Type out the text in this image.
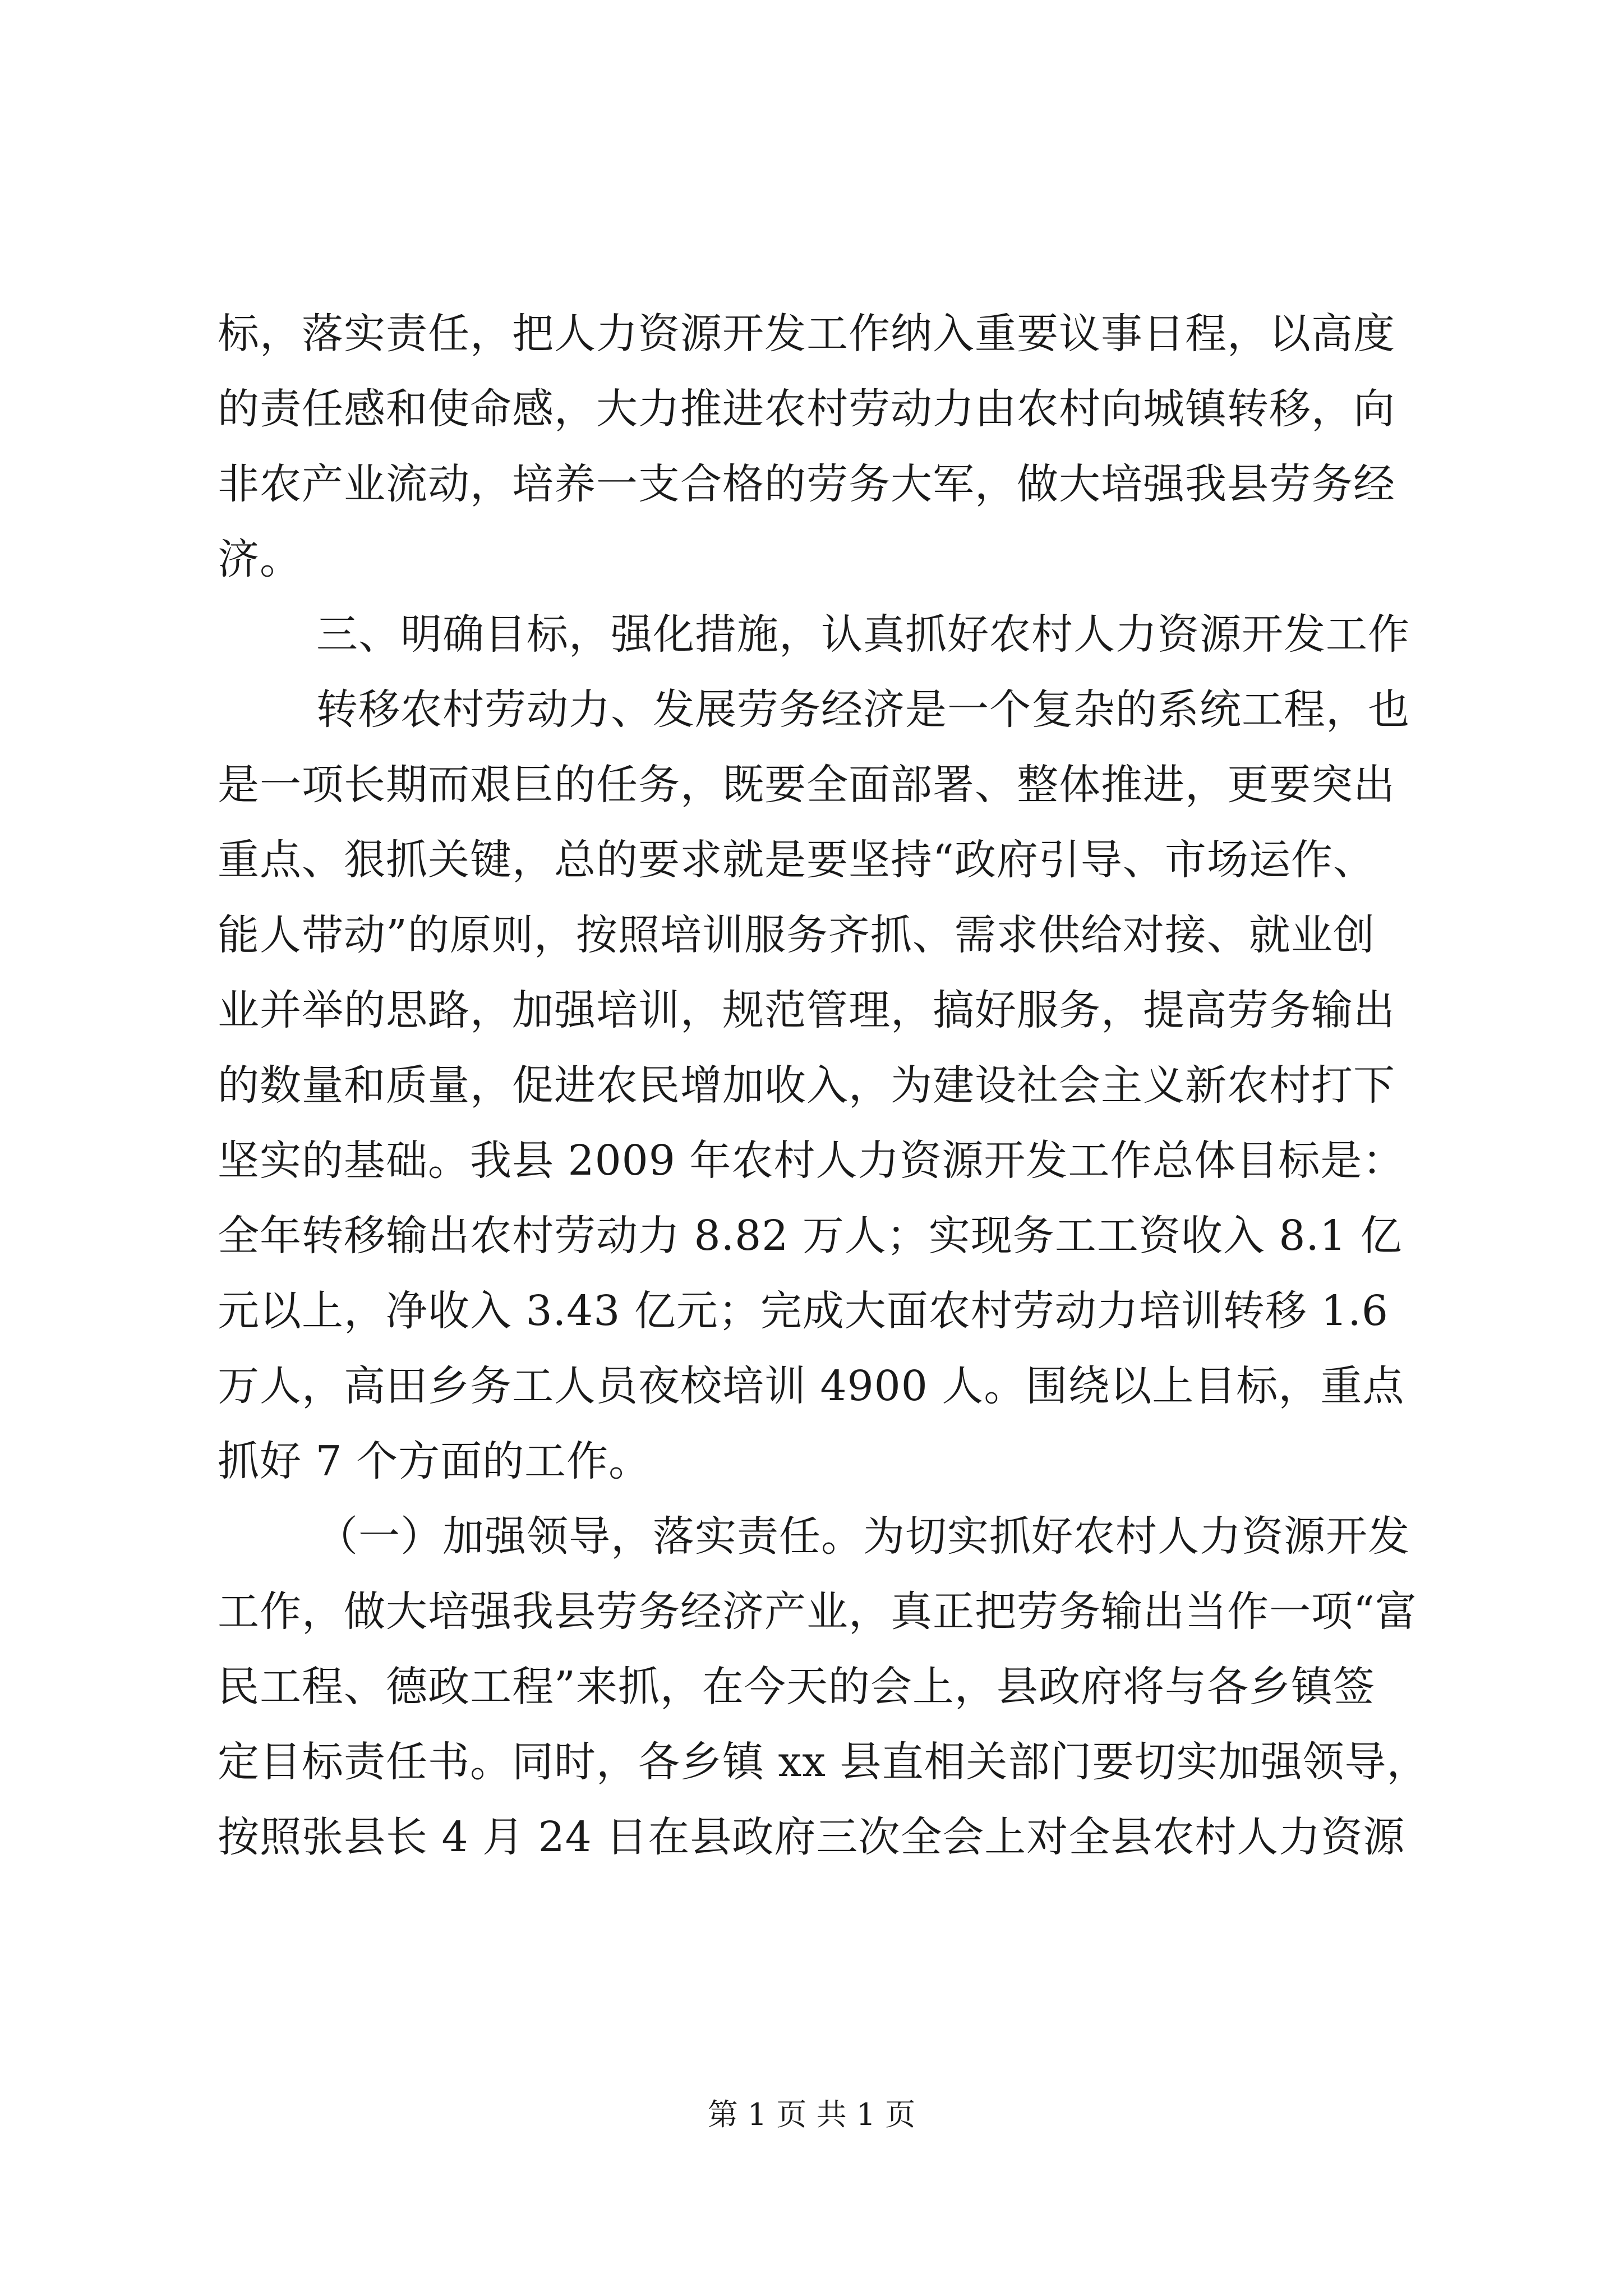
标，落实责任，把人力资源开发工作纳入重要议事日程，以高度
的责任感和使命感，大力推进农村劳动力由农村向城镇转移，向
非农产业流动，培养一支合格的劳务大军，做大培强我县劳务经
济。
三、明确目标，强化措施，认真抓好农村人力资源开发工作
转移农村劳动力、发展劳务经济是一个复杂的系统工程，也
是一项长期而艰巨的任务，既要全面部署、整体推进，更要突出
重点、狠抓关键，总的要求就是要坚持“政府引导、市场运作、
能人带动”的原则，按照培训服务齐抓、需求供给对接、就业创
业并举的思路，加强培训，规范管理，搞好服务，提高劳务输出
的数量和质量，促进农民增加收入，为建设社会主义新农村打下
坚实的基础。我县 2009 年农村人力资源开发工作总体目标是：
全年转移输出农村劳动力 8.82 万人；实现务工工资收入 8.1 亿
元以上，净收入 3.43 亿元；完成大面农村劳动力培训转移 1.6
万人，高田乡务工人员夜校培训 4900 人。围绕以上目标，重点
抓好 7 个方面的工作。
（一）加强领导，落实责任。为切实抓好农村人力资源开发
工作，做大培强我县劳务经济产业，真正把劳务输出当作一项“富
民工程、德政工程”来抓，在今天的会上，县政府将与各乡镇签
定目标责任书。同时，各乡镇 xx 县直相关部门要切实加强领导，
按照张县长 4 月 24 日在县政府三次全会上对全县农村人力资源
第 1 页 共 1 页
